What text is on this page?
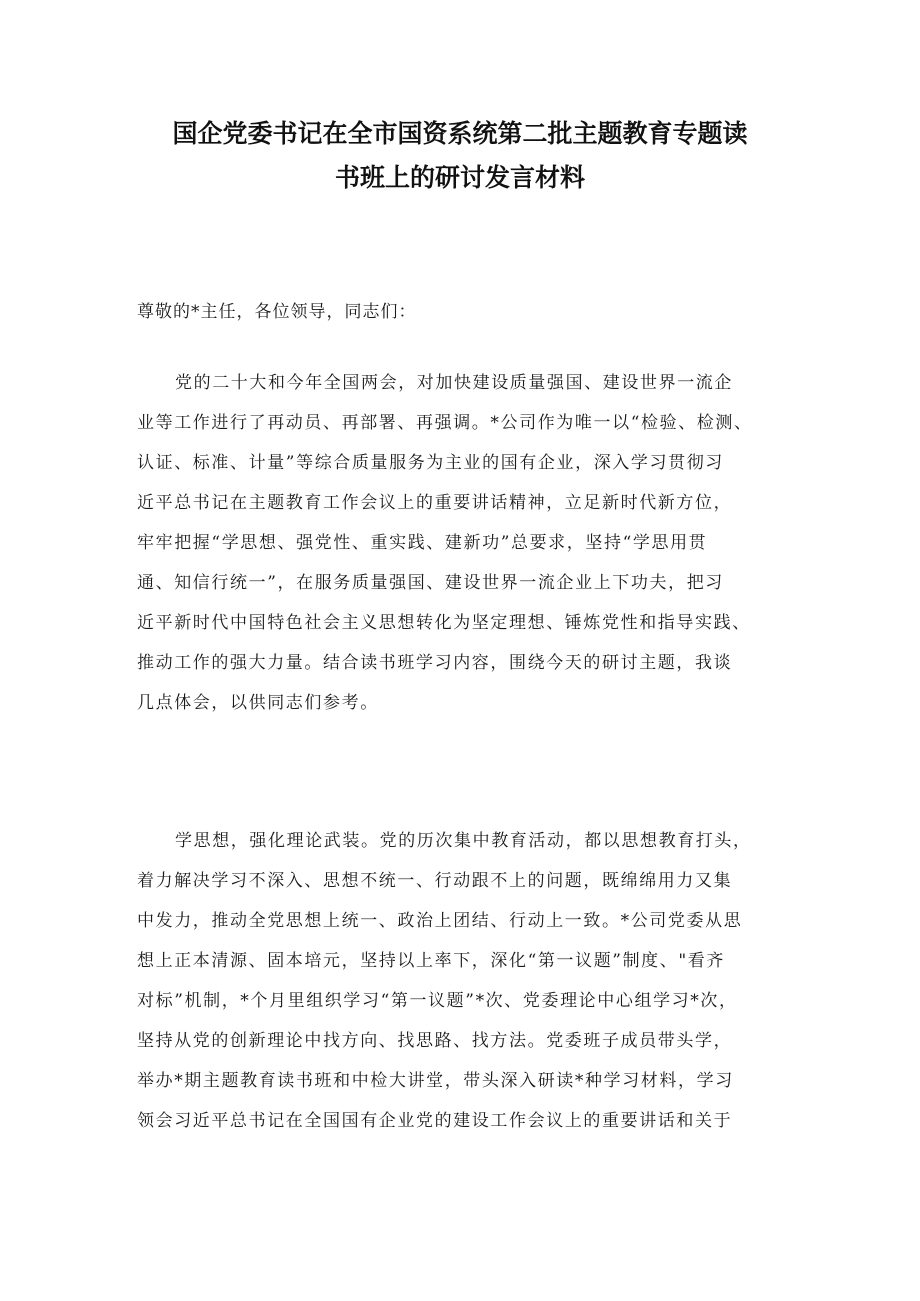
国企党委书记在全市国资系统第二批主题教育专题读
书班上的研讨发言材料
尊敬的*主任，各位领导，同志们：
党的二十大和今年全国两会，对加快建设质量强国、建设世界一流企
业等工作进行了再动员、再部署、再强调。*公司作为唯一以“检验、检测、
认证、标准、计量”等综合质量服务为主业的国有企业，深入学习贯彻习
近平总书记在主题教育工作会议上的重要讲话精神，立足新时代新方位，
牢牢把握“学思想、强党性、重实践、建新功”总要求，坚持“学思用贯
通、知信行统一”，在服务质量强国、建设世界一流企业上下功夫，把习
近平新时代中国特色社会主义思想转化为坚定理想、锤炼党性和指导实践、
推动工作的强大力量。结合读书班学习内容，围绕今天的研讨主题，我谈
几点体会，以供同志们参考。
学思想，强化理论武装。党的历次集中教育活动，都以思想教育打头，
着力解决学习不深入、思想不统一、行动跟不上的问题，既绵绵用力又集
中发力，推动全党思想上统一、政治上团结、行动上一致。*公司党委从思
想上正本清源、固本培元，坚持以上率下，深化“第一议题”制度、"看齐
对标”机制，*个月里组织学习“第一议题”*次、党委理论中心组学习*次，
坚持从党的创新理论中找方向、找思路、找方法。党委班子成员带头学，
举办*期主题教育读书班和中检大讲堂，带头深入研读*种学习材料，学习
领会习近平总书记在全国国有企业党的建设工作会议上的重要讲话和关于
